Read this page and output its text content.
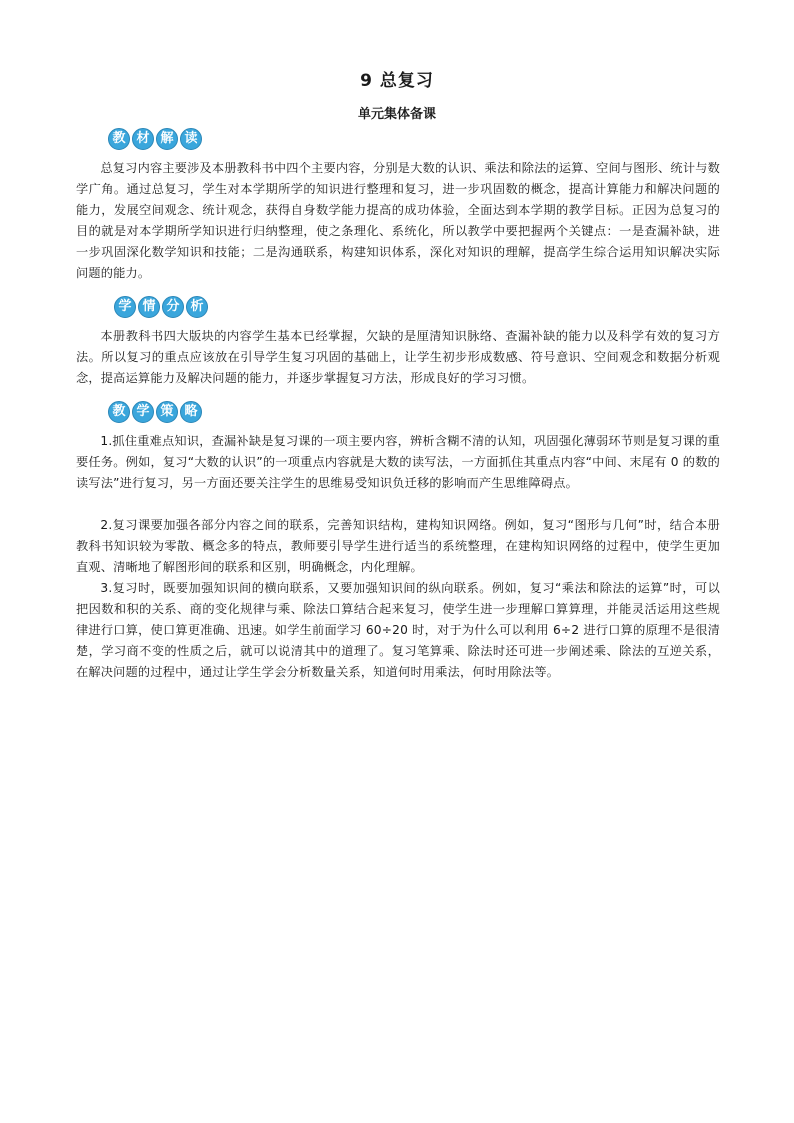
9 总复习
单元集体备课
教 材 解 读

总复习内容主要涉及本册教科书中四个主要内容，分别是大数的认识、乘法和除法的运算、空间与图形、统计与数学广角。通过总复习，学生对本学期所学的知识进行整理和复习，进一步巩固数的概念，提高计算能力和解决问题的能力，发展空间观念、统计观念，获得自身数学能力提高的成功体验，全面达到本学期的教学目标。正因为总复习的目的就是对本学期所学知识进行归纳整理，使之条理化、系统化，所以教学中要把握两个关键点：一是查漏补缺，进一步巩固深化数学知识和技能；二是沟通联系，构建知识体系，深化对知识的理解，提高学生综合运用知识解决实际问题的能力。

学 情 分 析

本册教科书四大版块的内容学生基本已经掌握，欠缺的是厘清知识脉络、查漏补缺的能力以及科学有效的复习方法。所以复习的重点应该放在引导学生复习巩固的基础上，让学生初步形成数感、符号意识、空间观念和数据分析观念，提高运算能力及解决问题的能力，并逐步掌握复习方法，形成良好的学习习惯。

教 学 策 略

1.抓住重难点知识，查漏补缺是复习课的一项主要内容，辨析含糊不清的认知，巩固强化薄弱环节则是复习课的重要任务。例如，复习“大数的认识”的一项重点内容就是大数的读写法，一方面抓住其重点内容“中间、末尾有 0 的数的读写法”进行复习，另一方面还要关注学生的思维易受知识负迁移的影响而产生思维障碍点。

2.复习课要加强各部分内容之间的联系，完善知识结构，建构知识网络。例如，复习“图形与几何”时，结合本册教科书知识较为零散、概念多的特点，教师要引导学生进行适当的系统整理，在建构知识网络的过程中，使学生更加直观、清晰地了解图形间的联系和区别，明确概念，内化理解。

3.复习时，既要加强知识间的横向联系，又要加强知识间的纵向联系。例如，复习“乘法和除法的运算”时，可以把因数和积的关系、商的变化规律与乘、除法口算结合起来复习，使学生进一步理解口算算理，并能灵活运用这些规律进行口算，使口算更准确、迅速。如学生前面学习 60÷20 时，对于为什么可以利用 6÷2 进行口算的原理不是很清楚，学习商不变的性质之后，就可以说清其中的道理了。复习笔算乘、除法时还可进一步阐述乘、除法的互逆关系，在解决问题的过程中，通过让学生学会分析数量关系，知道何时用乘法，何时用除法等。
